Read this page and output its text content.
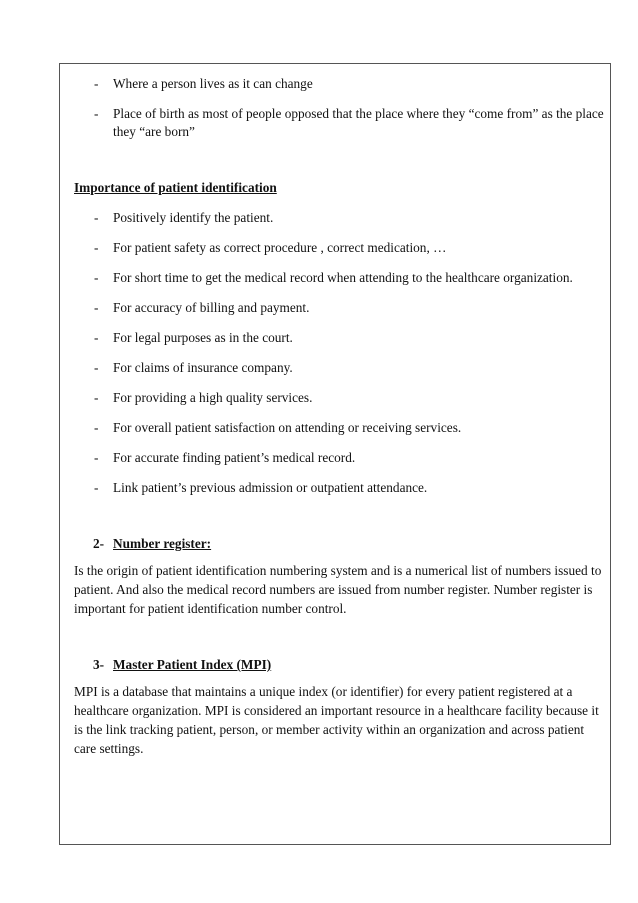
- Where a person lives as it can change
- Place of birth as most of people opposed that the place where they “come from” as the place they “are born”

Importance of patient identification

- Positively identify the patient.
- For patient safety as correct procedure , correct medication, …
- For short time to get the medical record when attending to the healthcare organization.
- For accuracy of billing and payment.
- For legal purposes as in the court.
- For claims of insurance company.
- For providing a high quality services.
- For overall patient satisfaction on attending or receiving services.
- For accurate finding patient’s medical record.
- Link patient’s previous admission or outpatient attendance.
2- Number register:

Is the origin of patient identification numbering system and is a numerical list of numbers issued to patient. And also the medical record numbers are issued from number register. Number register is important for patient identification number control.

3- Master Patient Index (MPI)

MPI is a database that maintains a unique index (or identifier) for every patient registered at a healthcare organization. MPI is considered an important resource in a healthcare facility because it is the link tracking patient, person, or member activity within an organization and across patient care settings.
